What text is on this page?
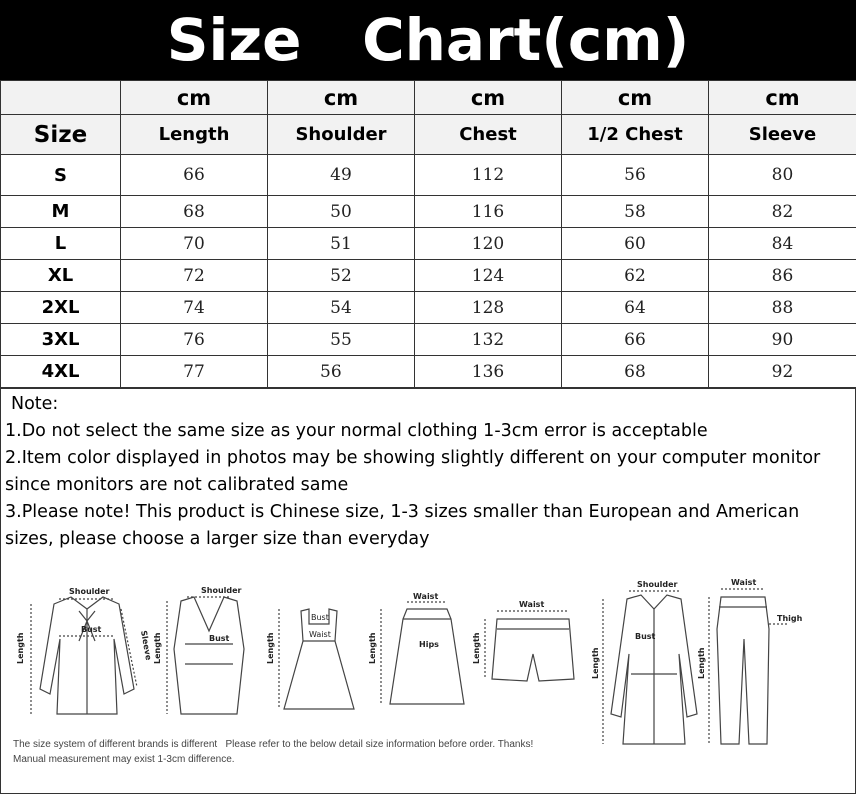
Size   Chart(cm)
	cm	cm	cm	cm	cm
Size	Length	Shoulder	Chest	1/2 Chest	Sleeve
S	66	49	112	56	80
M	68	50	116	58	82
L	70	51	120	60	84
XL	72	52	124	62	86
2XL	74	54	128	64	88
3XL	76	55	132	66	90
4XL	77	56	136	68	92

Note:

1.Do not select the same size as your normal clothing 1-3cm error is acceptable

2.Item color displayed in photos may be showing slightly different on your computer monitor since monitors are not calibrated same

3.Please note! This product is Chinese size, 1-3 sizes smaller than European and American sizes, please choose a larger size than everyday

Shoulder
Bust
Length	Sleeve
Shoulder
Bust
Length
Bust
Waist
Length
Waist
Hips
Length
Waist
Length
Shoulder
Bust
Length
Waist
Thigh
Length

The size system of different brands is different   Please refer to the below detail size information before order. Thanks!

Manual measurement may exist 1-3cm difference.
